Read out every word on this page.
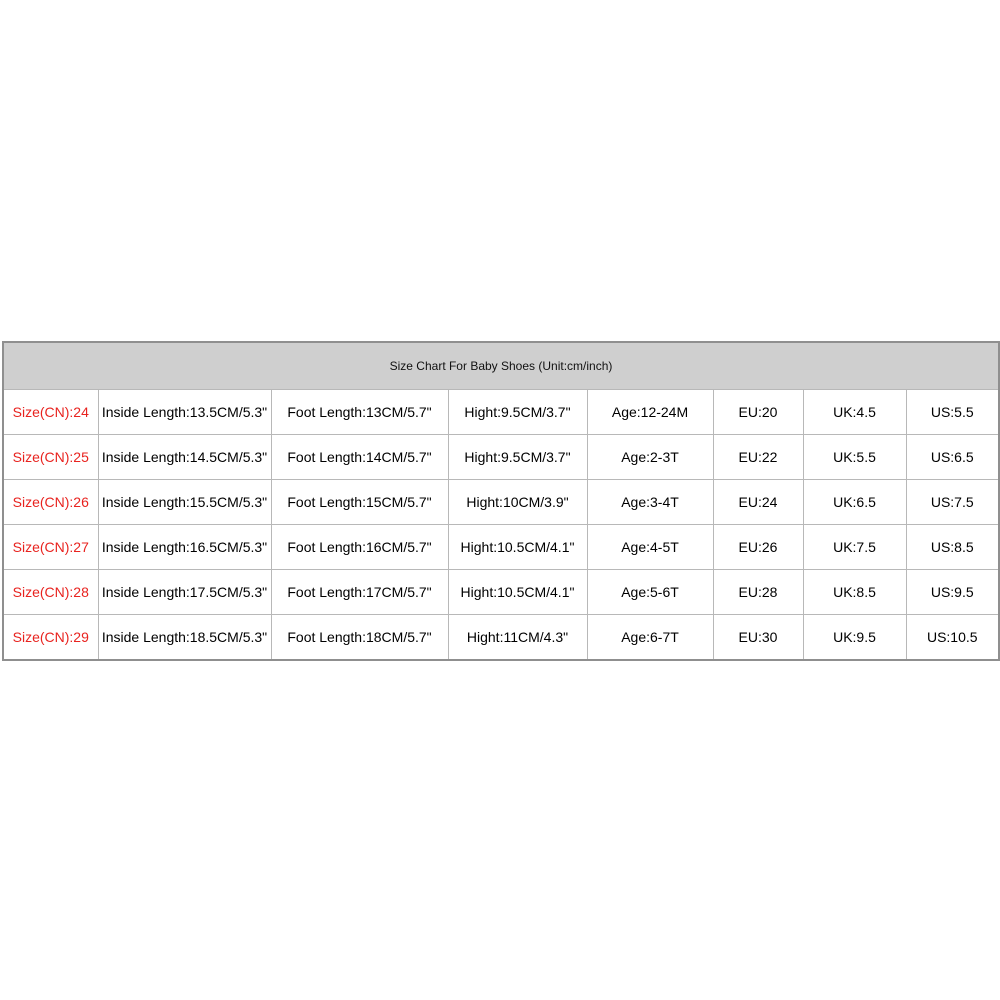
Size Chart For Baby Shoes (Unit:cm/inch)							
Size(CN):24	Inside Length:13.5CM/5.3"	Foot Length:13CM/5.7"	Hight:9.5CM/3.7"	Age:12-24M	EU:20	UK:4.5	US:5.5
Size(CN):25	Inside Length:14.5CM/5.3"	Foot Length:14CM/5.7"	Hight:9.5CM/3.7"	Age:2-3T	EU:22	UK:5.5	US:6.5
Size(CN):26	Inside Length:15.5CM/5.3"	Foot Length:15CM/5.7"	Hight:10CM/3.9"	Age:3-4T	EU:24	UK:6.5	US:7.5
Size(CN):27	Inside Length:16.5CM/5.3"	Foot Length:16CM/5.7"	Hight:10.5CM/4.1"	Age:4-5T	EU:26	UK:7.5	US:8.5
Size(CN):28	Inside Length:17.5CM/5.3"	Foot Length:17CM/5.7"	Hight:10.5CM/4.1"	Age:5-6T	EU:28	UK:8.5	US:9.5
Size(CN):29	Inside Length:18.5CM/5.3"	Foot Length:18CM/5.7"	Hight:11CM/4.3"	Age:6-7T	EU:30	UK:9.5	US:10.5
